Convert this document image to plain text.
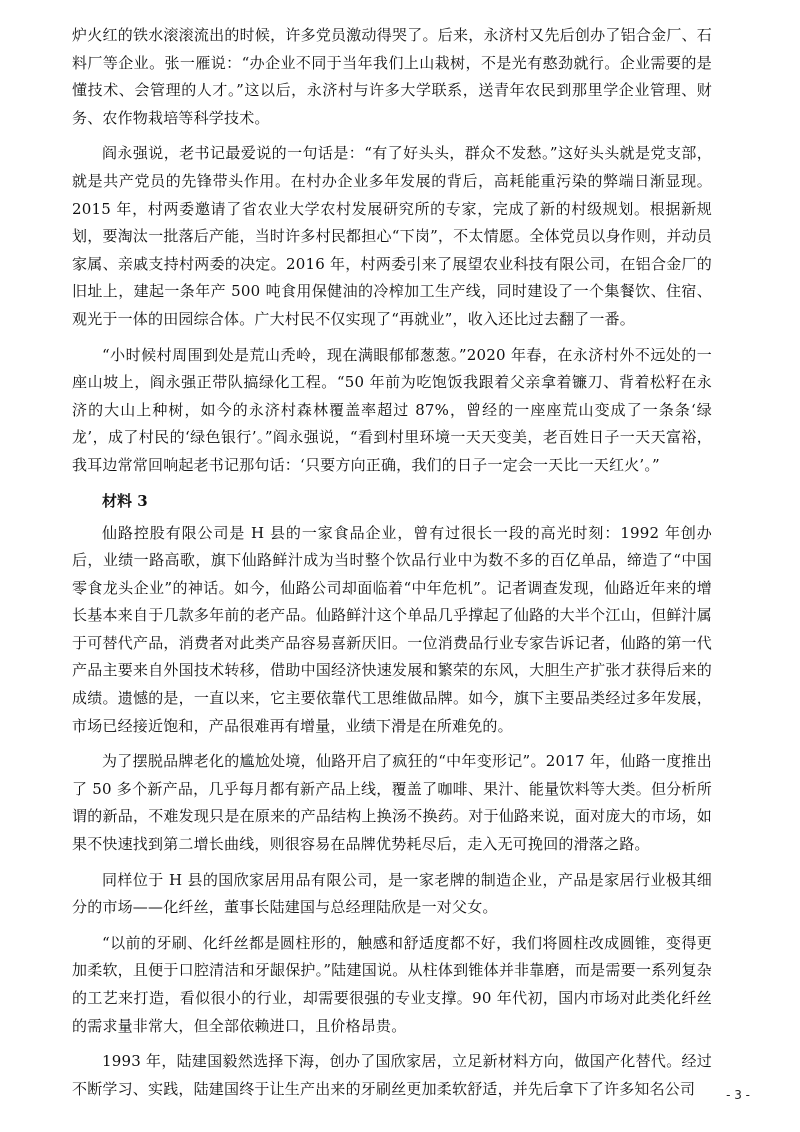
炉火红的铁水滚滚流出的时候，许多党员激动得哭了。后来，永济村又先后创办了铝合金厂、石料厂等企业。张一雁说：“办企业不同于当年我们上山栽树，不是光有憨劲就行。企业需要的是懂技术、会管理的人才。”这以后，永济村与许多大学联系，送青年农民到那里学企业管理、财务、农作物栽培等科学技术。

阎永强说，老书记最爱说的一句话是：“有了好头头，群众不发愁。”这好头头就是党支部，就是共产党员的先锋带头作用。在村办企业多年发展的背后，高耗能重污染的弊端日渐显现。2015 年，村两委邀请了省农业大学农村发展研究所的专家，完成了新的村级规划。根据新规划，要淘汰一批落后产能，当时许多村民都担心“下岗”，不太情愿。全体党员以身作则，并动员家属、亲戚支持村两委的决定。2016 年，村两委引来了展望农业科技有限公司，在铝合金厂的旧址上，建起一条年产 500 吨食用保健油的冷榨加工生产线，同时建设了一个集餐饮、住宿、观光于一体的田园综合体。广大村民不仅实现了“再就业”，收入还比过去翻了一番。

“小时候村周围到处是荒山秃岭，现在满眼郁郁葱葱。”2020 年春，在永济村外不远处的一座山坡上，阎永强正带队搞绿化工程。“50 年前为吃饱饭我跟着父亲拿着镰刀、背着松籽在永济的大山上种树，如今的永济村森林覆盖率超过 87%，曾经的一座座荒山变成了一条条‘绿龙’，成了村民的‘绿色银行’。”阎永强说，“看到村里环境一天天变美，老百姓日子一天天富裕，我耳边常常回响起老书记那句话：‘只要方向正确，我们的日子一定会一天比一天红火’。”

材料 3

仙路控股有限公司是 H 县的一家食品企业，曾有过很长一段的高光时刻：1992 年创办后，业绩一路高歌，旗下仙路鲜汁成为当时整个饮品行业中为数不多的百亿单品，缔造了“中国零食龙头企业”的神话。如今，仙路公司却面临着“中年危机”。记者调查发现，仙路近年来的增长基本来自于几款多年前的老产品。仙路鲜汁这个单品几乎撑起了仙路的大半个江山，但鲜汁属于可替代产品，消费者对此类产品容易喜新厌旧。一位消费品行业专家告诉记者，仙路的第一代产品主要来自外国技术转移，借助中国经济快速发展和繁荣的东风，大胆生产扩张才获得后来的成绩。遗憾的是，一直以来，它主要依靠代工思维做品牌。如今，旗下主要品类经过多年发展，市场已经接近饱和，产品很难再有增量，业绩下滑是在所难免的。

为了摆脱品牌老化的尴尬处境，仙路开启了疯狂的“中年变形记”。2017 年，仙路一度推出了 50 多个新产品，几乎每月都有新产品上线，覆盖了咖啡、果汁、能量饮料等大类。但分析所谓的新品，不难发现只是在原来的产品结构上换汤不换药。对于仙路来说，面对庞大的市场，如果不快速找到第二增长曲线，则很容易在品牌优势耗尽后，走入无可挽回的滑落之路。

同样位于 H 县的国欣家居用品有限公司，是一家老牌的制造企业，产品是家居行业极其细分的市场——化纤丝，董事长陆建国与总经理陆欣是一对父女。

“以前的牙刷、化纤丝都是圆柱形的，触感和舒适度都不好，我们将圆柱改成圆锥，变得更加柔软，且便于口腔清洁和牙龈保护。”陆建国说。从柱体到锥体并非靠磨，而是需要一系列复杂的工艺来打造，看似很小的行业，却需要很强的专业支撑。90 年代初，国内市场对此类化纤丝的需求量非常大，但全部依赖进口，且价格昂贵。

1993 年，陆建国毅然选择下海，创办了国欣家居，立足新材料方向，做国产化替代。经过不断学习、实践，陆建国终于让生产出来的牙刷丝更加柔软舒适，并先后拿下了许多知名公司	- 3 -
